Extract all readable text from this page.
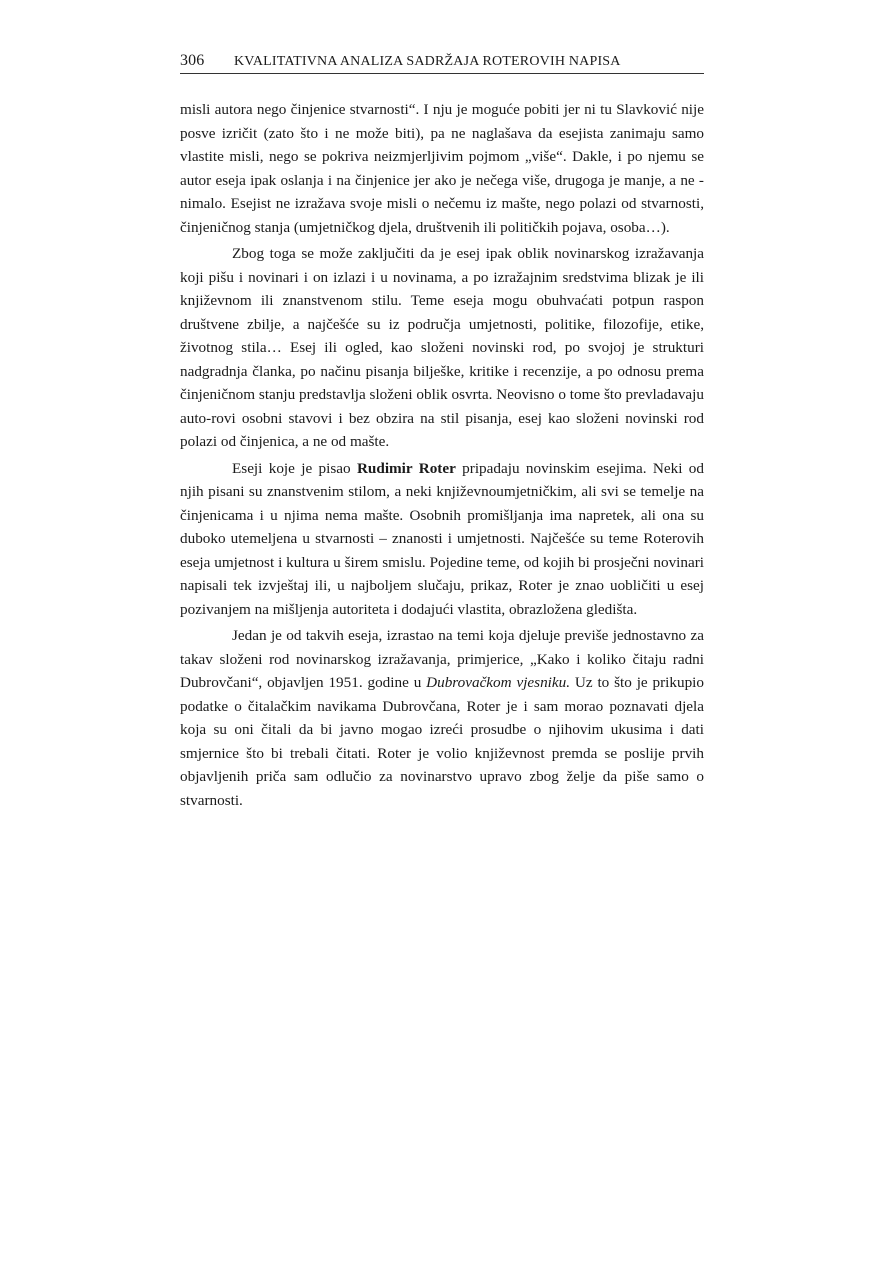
306	KVALITATIVNA ANALIZA SADRŽAJA ROTEROVIH NAPISA

misli autora nego činjenice stvarnosti“. I nju je moguće pobiti jer ni tu Slavković nije posve izričit (zato što i ne može biti), pa ne naglašava da esejista zanimaju samo vlastite misli, nego se pokriva neizmjerljivim pojmom „više“. Dakle, i po njemu se autor eseja ipak oslanja i na činjenice jer ako je nečega više, drugoga je manje, a ne - nimalo. Esejist ne izražava svoje misli o nečemu iz mašte, nego polazi od stvarnosti, činjeničnog stanja (umjetničkog djela, društvenih ili političkih pojava, osoba…).

Zbog toga se može zaključiti da je esej ipak oblik novinarskog izražavanja koji pišu i novinari i on izlazi i u novinama, a po izražajnim sredstvima blizak je ili književnom ili znanstvenom stilu. Teme eseja mogu obuhvaćati potpun raspon društvene zbilje, a najčešće su iz područja umjetnosti, politike, filozofije, etike, životnog stila… Esej ili ogled, kao složeni novinski rod, po svojoj je strukturi nadgradnja članka, po načinu pisanja bilješke, kritike i recenzije, a po odnosu prema činjeničnom stanju predstavlja složeni oblik osvrta. Neovisno o tome što prevladavaju auto-rovi osobni stavovi i bez obzira na stil pisanja, esej kao složeni novinski rod polazi od činjenica, a ne od mašte.

Eseji koje je pisao Rudimir Roter pripadaju novinskim esejima. Neki od njih pisani su znanstvenim stilom, a neki književnoumjetničkim, ali svi se temelje na činjenicama i u njima nema mašte. Osobnih promišljanja ima napretek, ali ona su duboko utemeljena u stvarnosti – znanosti i umjetnosti. Najčešće su teme Roterovih eseja umjetnost i kultura u širem smislu. Pojedine teme, od kojih bi prosječni novinari napisali tek izvještaj ili, u najboljem slučaju, prikaz, Roter je znao uobličiti u esej pozivanjem na mišljenja autoriteta i dodajući vlastita, obrazložena gledišta.

Jedan je od takvih eseja, izrastao na temi koja djeluje previše jednostavno za takav složeni rod novinarskog izražavanja, primjerice, „Kako i koliko čitaju radni Dubrovčani“, objavljen 1951. godine u Dubrovačkom vjesniku. Uz to što je prikupio podatke o čitalačkim navikama Dubrovčana, Roter je i sam morao poznavati djela koja su oni čitali da bi javno mogao izreći prosudbe o njihovim ukusima i dati smjernice što bi trebali čitati. Roter je volio književnost premda se poslije prvih objavljenih priča sam odlučio za novinarstvo upravo zbog želje da piše samo o stvarnosti.
